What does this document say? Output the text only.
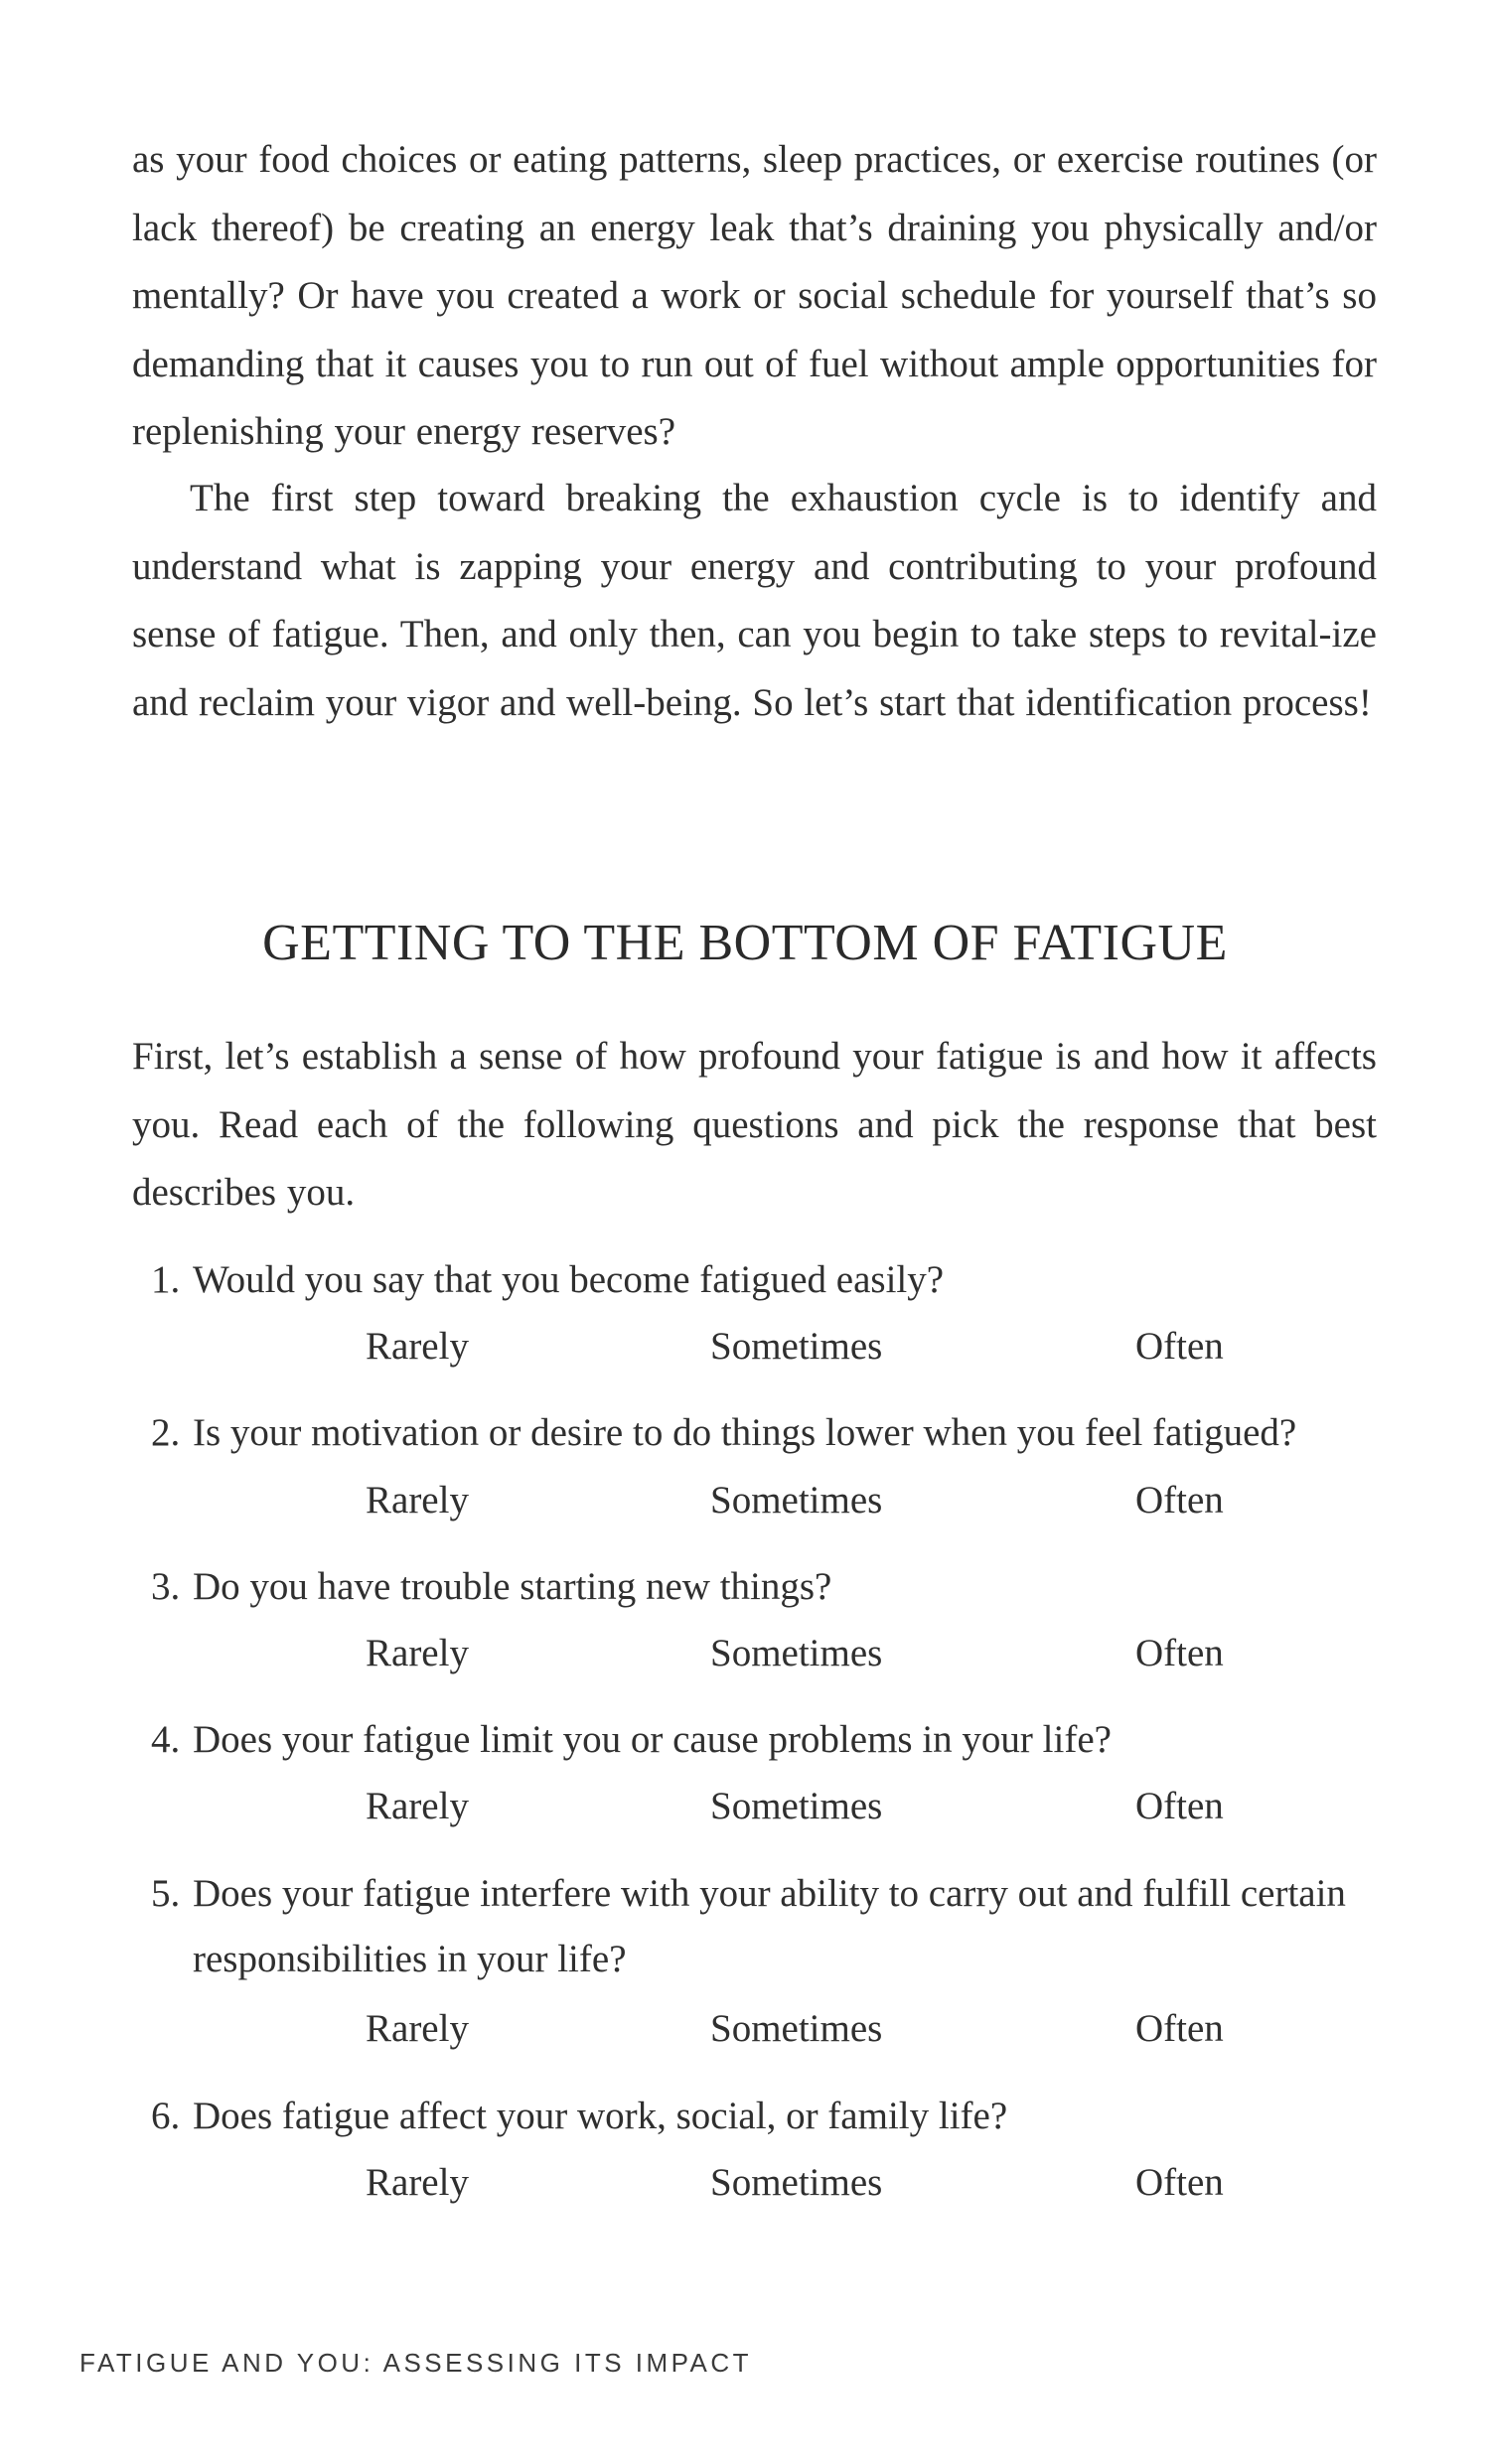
as your food choices or eating patterns, sleep practices, or exercise routines (or lack thereof) be creating an energy leak that’s draining you physically and/or mentally? Or have you created a work or social schedule for yourself that’s so demanding that it causes you to run out of fuel without ample opportunities for replenishing your energy reserves?

The first step toward breaking the exhaustion cycle is to identify and understand what is zapping your energy and contributing to your profound sense of fatigue. Then, and only then, can you begin to take steps to revital-ize and reclaim your vigor and well-being. So let’s start that identification process!

GETTING TO THE BOTTOM OF FATIGUE

First, let’s establish a sense of how profound your fatigue is and how it affects you. Read each of the following questions and pick the response that best describes you.

1. Would you say that you become fatigued easily?
Rarely	Sometimes	Often
2. Is your motivation or desire to do things lower when you feel fatigued?
Rarely	Sometimes	Often
3. Do you have trouble starting new things?
Rarely	Sometimes	Often
4. Does your fatigue limit you or cause problems in your life?
Rarely	Sometimes	Often
5. Does your fatigue interfere with your ability to carry out and fulfill certain responsibilities in your life?
Rarely	Sometimes	Often
6. Does fatigue affect your work, social, or family life?
Rarely	Sometimes	Often

FATIGUE AND YOU: ASSESSING ITS IMPACT
